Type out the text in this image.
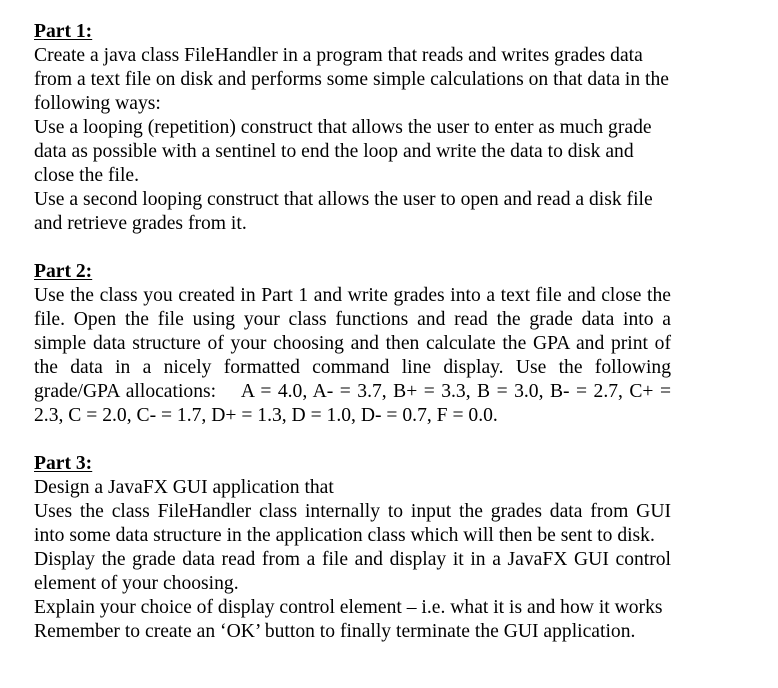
Part 1:

Create a java class FileHandler in a program that reads and writes grades data from a text file on disk and performs some simple calculations on that data in the following ways:

Use a looping (repetition) construct that allows the user to enter as much grade data as possible with a sentinel to end the loop and write the data to disk and close the file.

Use a second looping construct that allows the user to open and read a disk file and retrieve grades from it.

Part 2:

Use the class you created in Part 1 and write grades into a text file and close the file. Open the file using your class functions and read the grade data into a simple data structure of your choosing and then calculate the GPA and print of the data in a nicely formatted command line display. Use the following grade/GPA allocations:    A = 4.0, A- = 3.7, B+ = 3.3, B = 3.0, B- = 2.7, C+ = 2.3, C = 2.0, C- = 1.7, D+ = 1.3, D = 1.0, D- = 0.7, F = 0.0.

Part 3:

Design a JavaFX GUI application that

Uses the class FileHandler class internally to input the grades data from GUI into some data structure in the application class which will then be sent to disk.

Display the grade data read from a file and display it in a JavaFX GUI control element of your choosing.

Explain your choice of display control element – i.e. what it is and how it works

Remember to create an ‘OK’ button to finally terminate the GUI application.
